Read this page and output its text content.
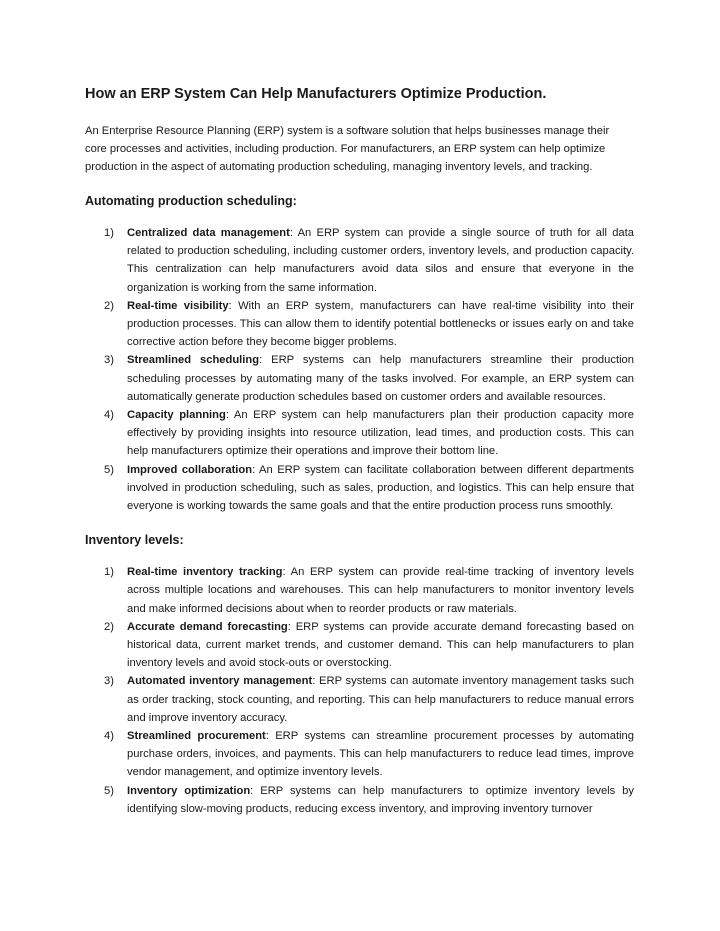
How an ERP System Can Help Manufacturers Optimize Production.

An Enterprise Resource Planning (ERP) system is a software solution that helps businesses manage their core processes and activities, including production. For manufacturers, an ERP system can help optimize production in the aspect of automating production scheduling, managing inventory levels, and tracking.

Automating production scheduling:
1) Centralized data management: An ERP system can provide a single source of truth for all data related to production scheduling, including customer orders, inventory levels, and production capacity. This centralization can help manufacturers avoid data silos and ensure that everyone in the organization is working from the same information.
2) Real-time visibility: With an ERP system, manufacturers can have real-time visibility into their production processes. This can allow them to identify potential bottlenecks or issues early on and take corrective action before they become bigger problems.
3) Streamlined scheduling: ERP systems can help manufacturers streamline their production scheduling processes by automating many of the tasks involved. For example, an ERP system can automatically generate production schedules based on customer orders and available resources.
4) Capacity planning: An ERP system can help manufacturers plan their production capacity more effectively by providing insights into resource utilization, lead times, and production costs. This can help manufacturers optimize their operations and improve their bottom line.
5) Improved collaboration: An ERP system can facilitate collaboration between different departments involved in production scheduling, such as sales, production, and logistics. This can help ensure that everyone is working towards the same goals and that the entire production process runs smoothly.
Inventory levels:
1) Real-time inventory tracking: An ERP system can provide real-time tracking of inventory levels across multiple locations and warehouses. This can help manufacturers to monitor inventory levels and make informed decisions about when to reorder products or raw materials.
2) Accurate demand forecasting: ERP systems can provide accurate demand forecasting based on historical data, current market trends, and customer demand. This can help manufacturers to plan inventory levels and avoid stock-outs or overstocking.
3) Automated inventory management: ERP systems can automate inventory management tasks such as order tracking, stock counting, and reporting. This can help manufacturers to reduce manual errors and improve inventory accuracy.
4) Streamlined procurement: ERP systems can streamline procurement processes by automating purchase orders, invoices, and payments. This can help manufacturers to reduce lead times, improve vendor management, and optimize inventory levels.
5) Inventory optimization: ERP systems can help manufacturers to optimize inventory levels by identifying slow-moving products, reducing excess inventory, and improving inventory turnover
